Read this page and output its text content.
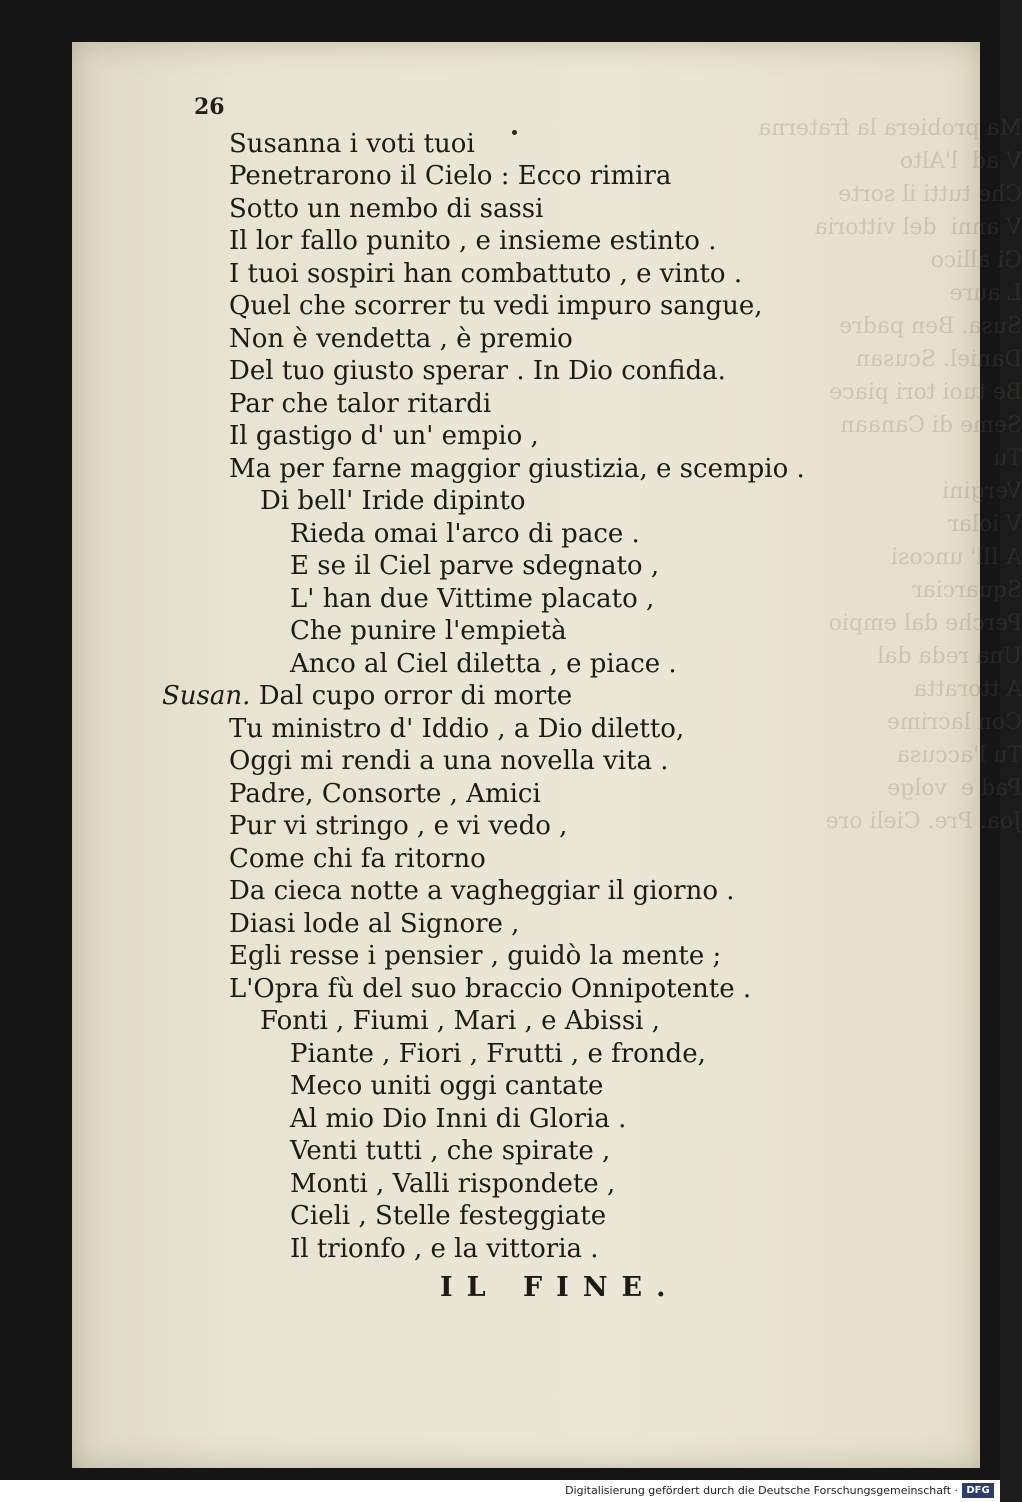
Ma probiera la fraterna
V ad  l'Alto
Che tutti il sorte
V anni  del vittoria
Gi allico
L aure
Susa. Ben padre
Daniel. Scusan
Be tuoi tori piace
Seme di Canaan
Tu
Vergini
V iolar
A Ill' uncosi
Squarciar
Perche dal empio
Una reda dal
A ttoratta
Con lacrime
Tu l'accusa
Pad e  volge
Joa. Pre. Cieli ore
26
Susanna i voti tuoi
Penetrarono il Cielo : Ecco rimira
Sotto un nembo di sassi
Il lor fallo punito , e insieme estinto .
I tuoi sospiri han combattuto , e vinto .
Quel che scorrer tu vedi impuro sangue,
Non è vendetta , è premio
Del tuo giusto sperar . In Dio confida.
Par che talor ritardi
Il gastigo d' un' empio ,
Ma per farne maggior giustizia, e scempio .
Di bell' Iride dipinto
Rieda omai l'arco di pace .
E se il Ciel parve sdegnato ,
L' han due Vittime placato ,
Che punire l'empietà
Anco al Ciel diletta , e piace .
Susan. Dal cupo orror di morte
Tu ministro d' Iddio , a Dio diletto,
Oggi mi rendi a una novella vita .
Padre, Consorte , Amici
Pur vi stringo , e vi vedo ,
Come chi fa ritorno
Da cieca notte a vagheggiar il giorno .
Diasi lode al Signore ,
Egli resse i pensier , guidò la mente ;
L'Opra fù del suo braccio Onnipotente .
Fonti , Fiumi , Mari , e Abissi ,
Piante , Fiori , Frutti , e fronde,
Meco uniti oggi cantate
Al mio Dio Inni di Gloria .
Venti tutti , che spirate ,
Monti , Valli rispondete ,
Cieli , Stelle festeggiate
Il trionfo , e la vittoria .
IL FINE.
Digitalisierung gefördert durch die Deutsche Forschungsgemeinschaft · DFG
